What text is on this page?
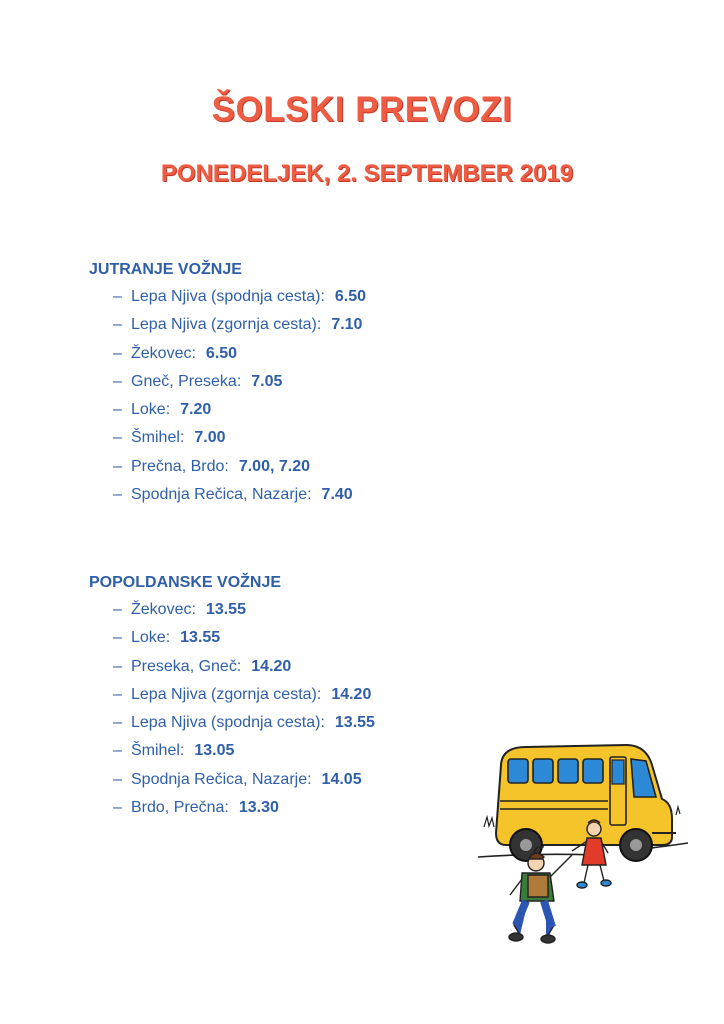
ŠOLSKI PREVOZI
PONEDELJEK, 2. SEPTEMBER 2019
JUTRANJE VOŽNJE
– Lepa Njiva (spodnja cesta): 6.50
– Lepa Njiva (zgornja cesta): 7.10
– Žekovec: 6.50
– Gneč, Preseka: 7.05
– Loke: 7.20
– Šmihel: 7.00
– Prečna, Brdo: 7.00, 7.20
– Spodnja Rečica, Nazarje: 7.40
POPOLDANSKE VOŽNJE
– Žekovec: 13.55
– Loke: 13.55
– Preseka, Gneč: 14.20
– Lepa Njiva (zgornja cesta): 14.20
– Lepa Njiva (spodnja cesta): 13.55
– Šmihel: 13.05
– Spodnja Rečica, Nazarje: 14.05
– Brdo, Prečna: 13.30
